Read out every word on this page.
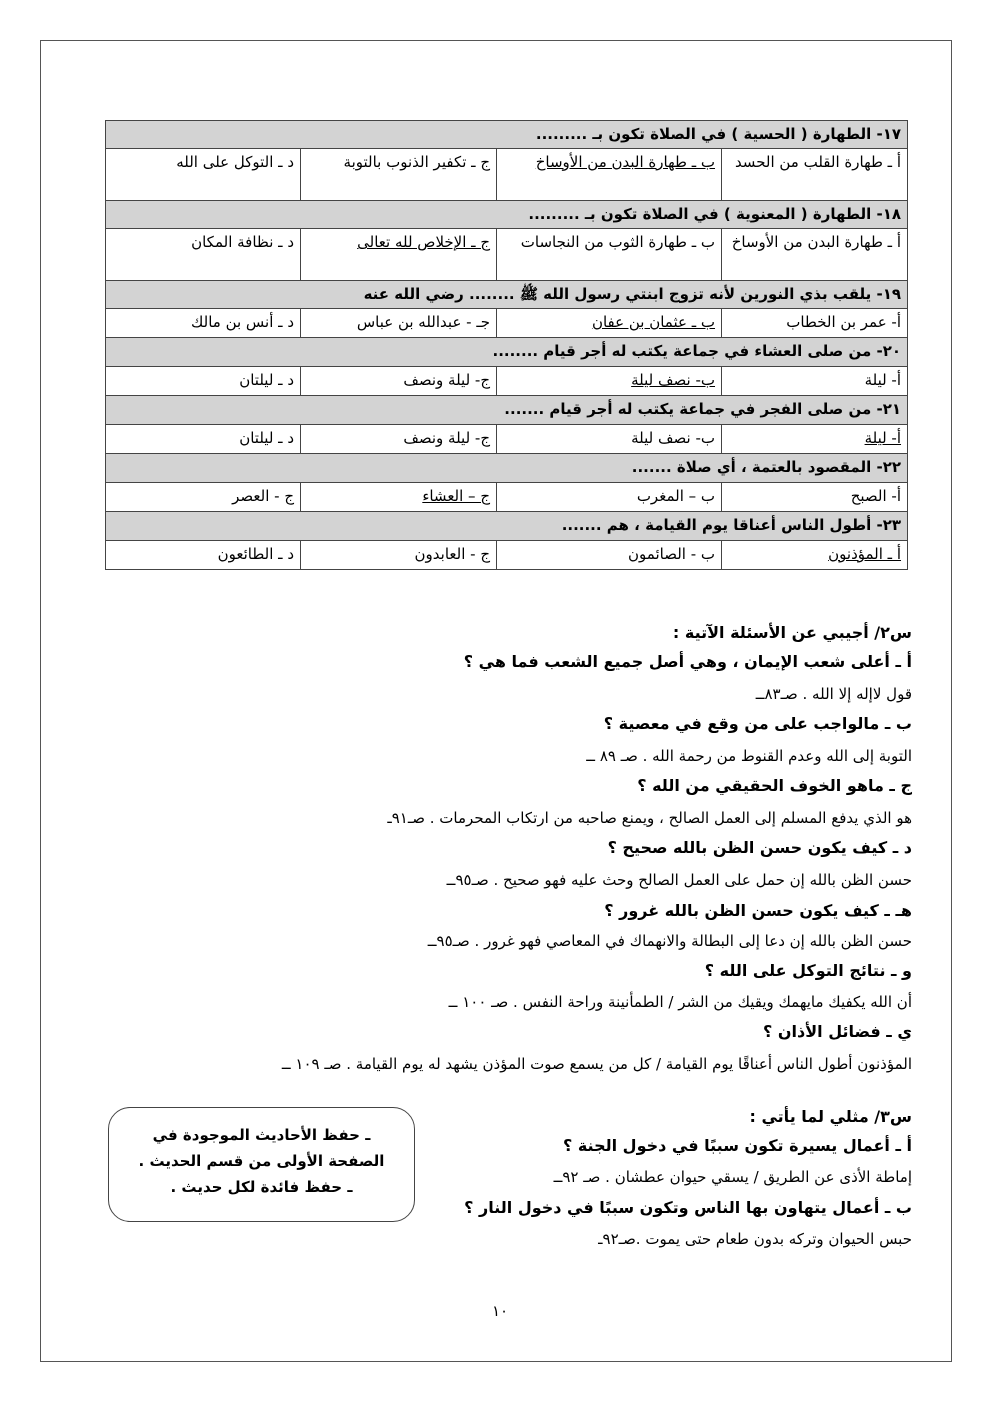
١٧- الطهارة ( الحسية ) في الصلاة تكون بـ .........			
أ ـ طهارة القلب من الحسد	ب ـ طهارة البدن من الأوساخ	ج ـ تكفير الذنوب بالتوبة	د ـ التوكل على الله
١٨- الطهارة ( المعنوية ) في الصلاة تكون بـ .........			
أ ـ طهارة البدن من الأوساخ	ب ـ طهارة الثوب من النجاسات	ج ـ الإخلاص لله تعالى	د ـ نظافة المكان
١٩- يلقب بذي النورين لأنه تزوج ابنتي رسول الله ﷺ ........ رضي الله عنه			
أ- عمر بن الخطاب	ب ـ عثمان بن عفان	جـ - عبدالله بن عباس	د ـ أنس بن مالك
٢٠- من صلى العشاء في جماعة يكتب له أجر قيام ........			
أ- ليلة	ب- نصف ليلة	ج- ليلة ونصف	د ـ ليلتان
٢١- من صلى الفجر في جماعة يكتب له أجر قيام .......			
أ- ليلة	ب- نصف ليلة	ج- ليلة ونصف	د ـ ليلتان
٢٢- المقصود بالعتمة ، أي صلاة .......			
أ- الصبح	ب – المغرب	ج – العشاء	ج - العصر
٢٣- أطول الناس أعناقا يوم القيامة ، هم .......			
أ ـ المؤذنون	ب - الصائمون	ج - العابدون	د ـ الطائعون
س٢/ أجيبي عن الأسئلة الآتية :
أ ـ أعلى شعب الإيمان ، وهي أصل جميع الشعب فما هي ؟
قول لاإله إلا الله . صـ٨٣ــ
ب ـ مالواجب على من وقع في معصية ؟
التوبة إلى الله وعدم القنوط من رحمة الله . صـ ٨٩ ــ
ج ـ ماهو الخوف الحقيقي من الله ؟
هو الذي يدفع المسلم إلى العمل الصالح ، ويمنع صاحبه من ارتكاب المحرمات . صـ٩١ـ
د ـ كيف يكون حسن الظن بالله صحيح ؟
حسن الظن بالله إن حمل على العمل الصالح وحث عليه فهو صحيح . صـ٩٥ــ
هـ ـ كيف يكون حسن الظن بالله غرور ؟
حسن الظن بالله إن دعا إلى البطالة والانهماك في المعاصي فهو غرور . صـ٩٥ــ
و ـ نتائج التوكل على الله ؟
أن الله يكفيك مايهمك ويقيك من الشر / الطمأنينة وراحة النفس . صـ ١٠٠ ــ
ي ـ فضائل الأذان ؟
المؤذنون أطول الناس أعناقًا يوم القيامة / كل من يسمع صوت المؤذن يشهد له يوم القيامة . صـ ١٠٩ ــ
س٣/ مثلي لما يأتي :
أ ـ أعمال يسيرة تكون سببًا في دخول الجنة ؟
إماطة الأذى عن الطريق / يسقي حيوان عطشان . صـ ٩٢ــ
ب ـ أعمال يتهاون بها الناس وتكون سببًا في دخول النار ؟
حبس الحيوان وتركه بدون طعام حتى يموت .صـ٩٢ـ
ـ حفظ الأحاديث الموجودة في
الصفحة الأولى من قسم الحديث .
ـ حفظ فائدة لكل حديث .
١٠
